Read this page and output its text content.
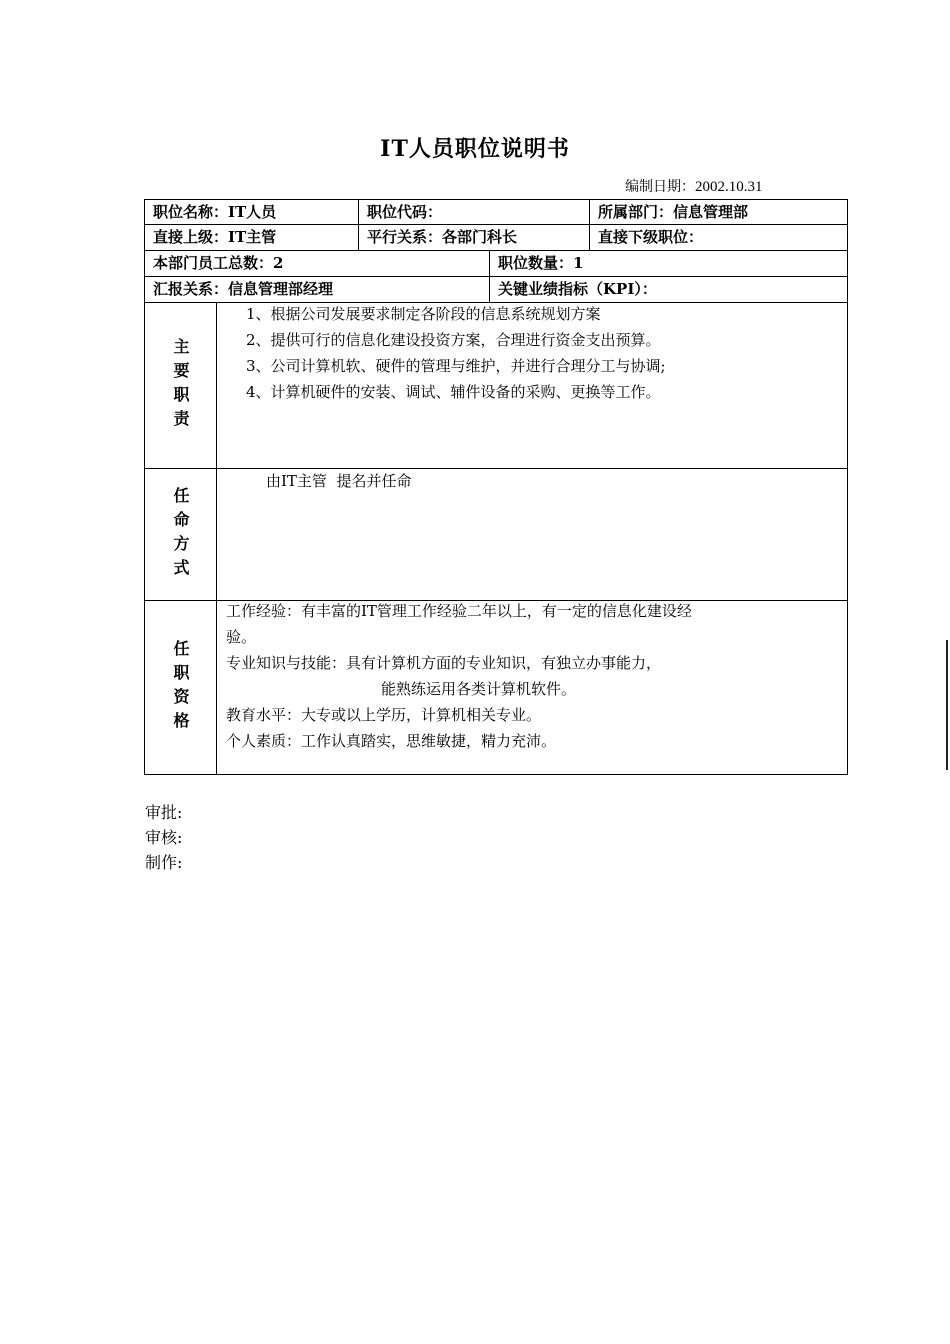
IT人员职位说明书
编制日期：2002.10.31
职位名称：IT人员	职位代码：	所属部门：信息管理部
直接上级：IT主管	平行关系：各部门科长	直接下级职位：
本部门员工总数：2	职位数量：1
汇报关系：信息管理部经理	关键业绩指标（KPI）：
主要职责
1、根据公司发展要求制定各阶段的信息系统规划方案
2、提供可行的信息化建设投资方案，合理进行资金支出预算。
3、公司计算机软、硬件的管理与维护，并进行合理分工与协调;
4、计算机硬件的安装、调试、辅件设备的采购、更换等工作。
任命方式
由IT主管  提名并任命
任职资格
工作经验：有丰富的IT管理工作经验二年以上，有一定的信息化建设经
验。
专业知识与技能：具有计算机方面的专业知识，有独立办事能力，
能熟练运用各类计算机软件。
教育水平：大专或以上学历，计算机相关专业。
个人素质：工作认真踏实，思维敏捷，精力充沛。
审批:
审核:
制作:
